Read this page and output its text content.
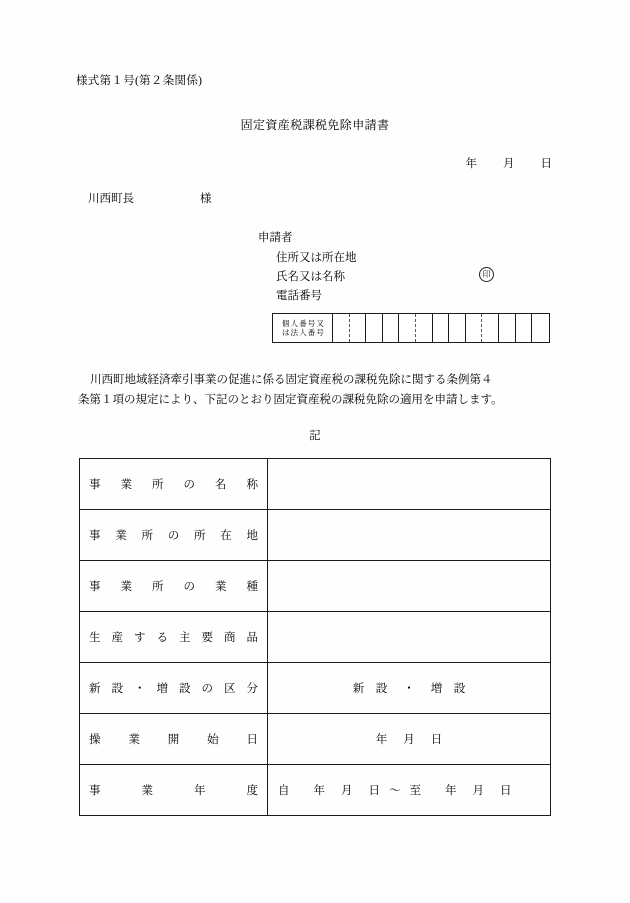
様式第１号(第２条関係)
固定資産税課税免除申請書
年 月 日
川西町長	様
申請者
住所又は所在地
氏名又は名称	印
電話番号
個人番号又
は法人番号
川西町地域経済牽引事業の促進に係る固定資産税の課税免除に関する条例第４
条第１項の規定により、下記のとおり固定資産税の課税免除の適用を申請します。
記
事業所の名称	

事業所の所在地	

事業所の業種	

生産する主要商品	

新設・増設の区分	新　設 ・ 増　設

操業開始日	年 月 日

事業年度	自 年 月 日 ～ 至 年 月 日
